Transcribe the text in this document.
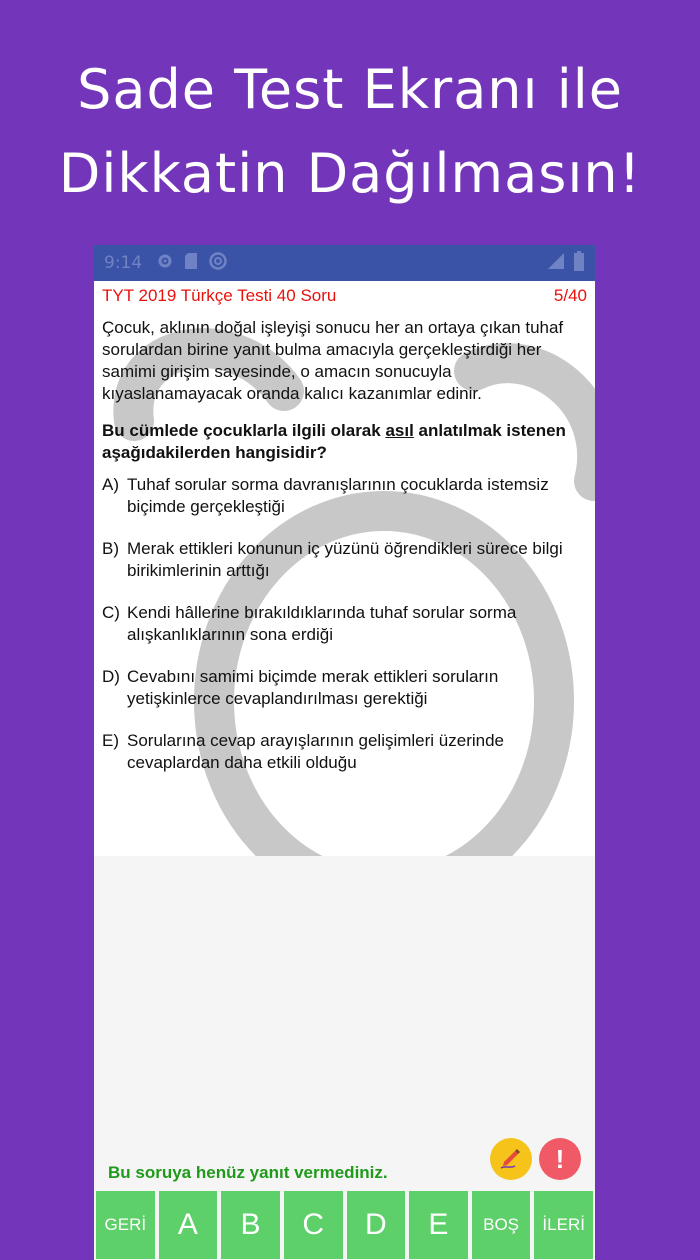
Sade Test Ekranı ile
Dikkatin Dağılmasın!
9:14
TYT 2019 Türkçe Testi 40 Soru	5/40
Çocuk, aklının doğal işleyişi sonucu her an ortaya çıkan tuhaf sorulardan birine yanıt bulma amacıyla gerçekleştirdiği her samimi girişim sayesinde, o amacın sonucuyla kıyaslanamayacak oranda kalıcı kazanımlar edinir.
Bu cümlede çocuklarla ilgili olarak asıl anlatılmak istenen aşağıdakilerden hangisidir?
A) Tuhaf sorular sorma davranışlarının çocuklarda istemsiz biçimde gerçekleştiği
B) Merak ettikleri konunun iç yüzünü öğrendikleri sürece bilgi birikimlerinin arttığı
C) Kendi hâllerine bırakıldıklarında tuhaf sorular sorma alışkanlıklarının sona erdiği
D) Cevabını samimi biçimde merak ettikleri soruların yetişkinlerce cevaplandırılması gerektiği
E) Sorularına cevap arayışlarının gelişimleri üzerinde cevaplardan daha etkili olduğu
!
Bu soruya henüz yanıt vermediniz.
GERİ	A	B	C	D	E	BOŞ	İLERİ
